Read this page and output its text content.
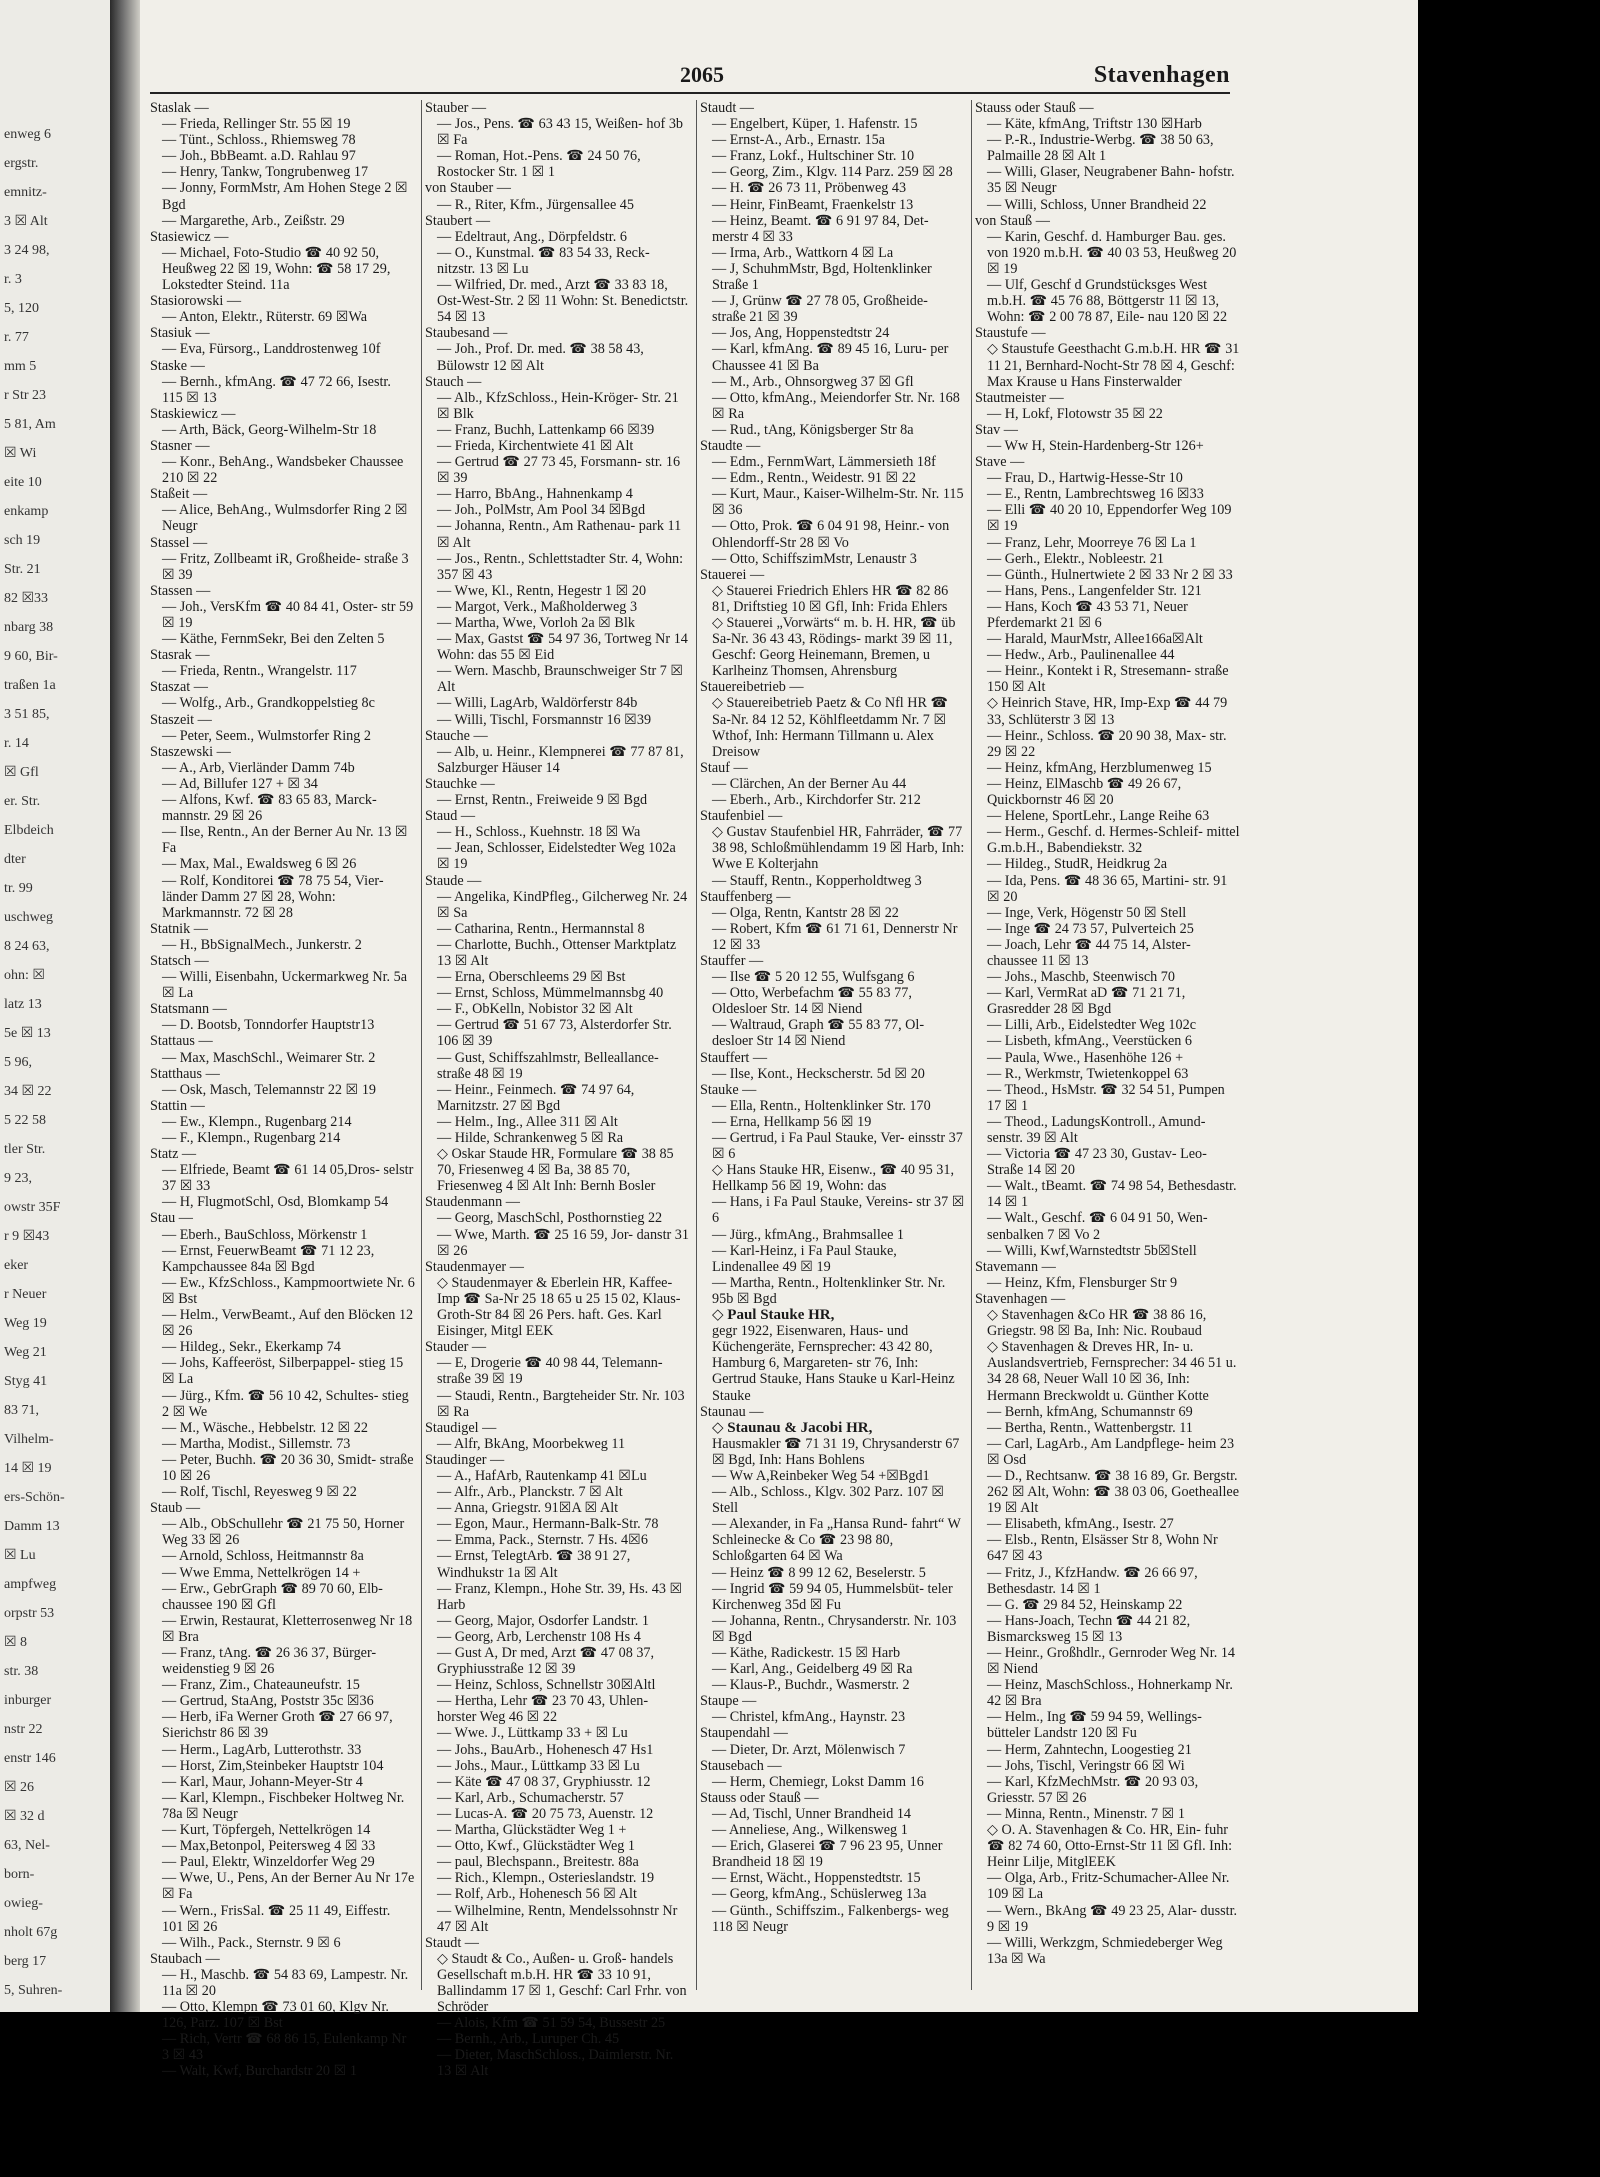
enweg 6
ergstr.
emnitz-
3 ☒ Alt
3 24 98,
r. 3
5, 120
r. 77
mm 5
r Str 23
5 81, Am
☒ Wi
eite 10
enkamp
sch 19
Str. 21
82 ☒33
nbarg 38
9 60, Bir-
traßen 1a
3 51 85,
r. 14
☒ Gfl
er. Str.
Elbdeich
dter
tr. 99
uschweg
8 24 63,
ohn: ☒
latz 13
5e ☒ 13
5 96,
34 ☒ 22
5 22 58
tler Str.
9 23,
owstr 35F
r 9 ☒43
eker
r Neuer
Weg 19
Weg 21
Styg 41
83 71,
Vilhelm-
14 ☒ 19
ers-Schön-
Damm 13
☒ Lu
ampfweg
orpstr 53
☒ 8
str. 38
inburger
nstr 22
enstr 146
☒ 26
☒ 32 d
63, Nel-
born-
owieg-
nholt 67g
berg 17
5, Suhren-
2065	Stavenhagen

Staslak —

— Frieda, Rellinger Str. 55 ☒ 19

— Tünt., Schloss., Rhiemsweg 78

— Joh., BbBeamt. a.D. Rahlau 97

— Henry, Tankw, Tongrubenweg 17

— Jonny, FormMstr, Am Hohen Stege 2 ☒ Bgd

— Margarethe, Arb., Zeißstr. 29

Stasiewicz —

— Michael, Foto-Studio ☎ 40 92 50, Heußweg 22 ☒ 19, Wohn: ☎ 58 17 29, Lokstedter Steind. 11a

Stasiorowski —

— Anton, Elektr., Rüterstr. 69 ☒Wa

Stasiuk —

— Eva, Fürsorg., Landdrostenweg 10f

Staske —

— Bernh., kfmAng. ☎ 47 72 66, Isestr. 115 ☒ 13

Staskiewicz —

— Arth, Bäck, Georg-Wilhelm-Str 18

Stasner —

— Konr., BehAng., Wandsbeker Chaussee 210 ☒ 22

Staßeit —

— Alice, BehAng., Wulmsdorfer Ring 2 ☒ Neugr

Stassel —

— Fritz, Zollbeamt iR, Großheide- straße 3 ☒ 39

Stassen —

— Joh., VersKfm ☎ 40 84 41, Oster- str 59 ☒ 19

— Käthe, FernmSekr, Bei den Zelten 5

Stasrak —

— Frieda, Rentn., Wrangelstr. 117

Staszat —

— Wolfg., Arb., Grandkoppelstieg 8c

Staszeit —

— Peter, Seem., Wulmstorfer Ring 2

Staszewski —

— A., Arb, Vierländer Damm 74b

— Ad, Billufer 127 + ☒ 34

— Alfons, Kwf. ☎ 83 65 83, Marck- mannstr. 29 ☒ 26

— Ilse, Rentn., An der Berner Au Nr. 13 ☒ Fa

— Max, Mal., Ewaldsweg 6 ☒ 26

— Rolf, Konditorei ☎ 78 75 54, Vier- länder Damm 27 ☒ 28, Wohn: Markmannstr. 72 ☒ 28

Statnik —

— H., BbSignalMech., Junkerstr. 2

Statsch —

— Willi, Eisenbahn, Uckermarkweg Nr. 5a ☒ La

Statsmann —

— D. Bootsb, Tonndorfer Hauptstr13

Stattaus —

— Max, MaschSchl., Weimarer Str. 2

Statthaus —

— Osk, Masch, Telemannstr 22 ☒ 19

Stattin —

— Ew., Klempn., Rugenbarg 214

— F., Klempn., Rugenbarg 214

Statz —

— Elfriede, Beamt ☎ 61 14 05,Dros- selstr 37 ☒ 33

— H, FlugmotSchl, Osd, Blomkamp 54

Stau —

— Eberh., BauSchloss, Mörkenstr 1

— Ernst, FeuerwBeamt ☎ 71 12 23, Kampchaussee 84a ☒ Bgd

— Ew., KfzSchloss., Kampmoortwiete Nr. 6 ☒ Bst

— Helm., VerwBeamt., Auf den Blöcken 12 ☒ 26

— Hildeg., Sekr., Ekerkamp 74

— Johs, Kaffeeröst, Silberpappel- stieg 15 ☒ La

— Jürg., Kfm. ☎ 56 10 42, Schultes- stieg 2 ☒ We

— M., Wäsche., Hebbelstr. 12 ☒ 22

— Martha, Modist., Sillemstr. 73

— Peter, Buchh. ☎ 20 36 30, Smidt- straße 10 ☒ 26

— Rolf, Tischl, Reyesweg 9 ☒ 22

Staub —

— Alb., ObSchullehr ☎ 21 75 50, Horner Weg 33 ☒ 26

— Arnold, Schloss, Heitmannstr 8a

— Wwe Emma, Nettelkrögen 14 +

— Erw., GebrGraph ☎ 89 70 60, Elb- chaussee 190 ☒ Gfl

— Erwin, Restaurat, Kletterrosenweg Nr 18 ☒ Bra

— Franz, tAng. ☎ 26 36 37, Bürger- weidenstieg 9 ☒ 26

— Franz, Zim., Chateauneufstr. 15

— Gertrud, StaAng, Poststr 35c ☒36

— Herb, iFa Werner Groth ☎ 27 66 97, Sierichstr 86 ☒ 39

— Herm., LagArb, Lutterothstr. 33

— Horst, Zim,Steinbeker Hauptstr 104

— Karl, Maur, Johann-Meyer-Str 4

— Karl, Klempn., Fischbeker Holtweg Nr. 78a ☒ Neugr

— Kurt, Töpfergeh, Nettelkrögen 14

— Max,Betonpol, Peitersweg 4 ☒ 33

— Paul, Elektr, Winzeldorfer Weg 29

— Wwe, U., Pens, An der Berner Au Nr 17e ☒ Fa

— Wern., FrisSal. ☎ 25 11 49, Eiffestr. 101 ☒ 26

— Wilh., Pack., Sternstr. 9 ☒ 6

Staubach —

— H., Maschb. ☎ 54 83 69, Lampestr. Nr. 11a ☒ 20

— Otto, Klempn ☎ 73 01 60, Klgv Nr. 126, Parz. 107 ☒ Bst

— Rich, Vertr ☎ 68 86 15, Eulenkamp Nr 3 ☒ 43

— Walt, Kwf, Burchardstr 20 ☒ 1

Stauber —

— Jos., Pens. ☎ 63 43 15, Weißen- hof 3b ☒ Fa

— Roman, Hot.-Pens. ☎ 24 50 76, Rostocker Str. 1 ☒ 1

von Stauber —

— R., Riter, Kfm., Jürgensallee 45

Staubert —

— Edeltraut, Ang., Dörpfeldstr. 6

— O., Kunstmal. ☎ 83 54 33, Reck- nitzstr. 13 ☒ Lu

— Wilfried, Dr. med., Arzt ☎ 33 83 18, Ost-West-Str. 2 ☒ 11 Wohn: St. Benedictstr. 54 ☒ 13

Staubesand —

— Joh., Prof. Dr. med. ☎ 38 58 43, Bülowstr 12 ☒ Alt

Stauch —

— Alb., KfzSchloss., Hein-Kröger- Str. 21 ☒ Blk

— Franz, Buchh, Lattenkamp 66 ☒39

— Frieda, Kirchentwiete 41 ☒ Alt

— Gertrud ☎ 27 73 45, Forsmann- str. 16 ☒ 39

— Harro, BbAng., Hahnenkamp 4

— Joh., PolMstr, Am Pool 34 ☒Bgd

— Johanna, Rentn., Am Rathenau- park 11 ☒ Alt

— Jos., Rentn., Schlettstadter Str. 4, Wohn: 357 ☒ 43

— Wwe, Kl., Rentn, Hegestr 1 ☒ 20

— Margot, Verk., Maßholderweg 3

— Martha, Wwe, Vorloh 2a ☒ Blk

— Max, Gastst ☎ 54 97 36, Tortweg Nr 14 Wohn: das 55 ☒ Eid

— Wern. Maschb, Braunschweiger Str 7 ☒ Alt

— Willi, LagArb, Waldörferstr 84b

— Willi, Tischl, Forsmannstr 16 ☒39

Stauche —

— Alb, u. Heinr., Klempnerei ☎ 77 87 81, Salzburger Häuser 14

Stauchke —

— Ernst, Rentn., Freiweide 9 ☒ Bgd

Staud —

— H., Schloss., Kuehnstr. 18 ☒ Wa

— Jean, Schlosser, Eidelstedter Weg 102a ☒ 19

Staude —

— Angelika, KindPfleg., Gilcherweg Nr. 24 ☒ Sa

— Catharina, Rentn., Hermannstal 8

— Charlotte, Buchh., Ottenser Marktplatz 13 ☒ Alt

— Erna, Oberschleems 29 ☒ Bst

— Ernst, Schloss, Mümmelmannsbg 40

— F., ObKelln, Nobistor 32 ☒ Alt

— Gertrud ☎ 51 67 73, Alsterdorfer Str. 106 ☒ 39

— Gust, Schiffszahlmstr, Belleallance- straße 48 ☒ 19

— Heinr., Feinmech. ☎ 74 97 64, Marnitzstr. 27 ☒ Bgd

— Helm., Ing., Allee 311 ☒ Alt

— Hilde, Schrankenweg 5 ☒ Ra

◇ Oskar Staude HR, Formulare ☎ 38 85 70, Friesenweg 4 ☒ Ba, 38 85 70, Friesenweg 4 ☒ Alt Inh: Bernh Bosler

Staudenmann —

— Georg, MaschSchl, Posthornstieg 22

— Wwe, Marth. ☎ 25 16 59, Jor- danstr 31 ☒ 26

Staudenmayer —

◇ Staudenmayer & Eberlein HR, Kaffee-Imp ☎ Sa-Nr 25 18 65 u 25 15 02, Klaus-Groth-Str 84 ☒ 26 Pers. haft. Ges. Karl Eisinger, Mitgl EEK

Stauder —

— E, Drogerie ☎ 40 98 44, Telemann- straße 39 ☒ 19

— Staudi, Rentn., Bargteheider Str. Nr. 103 ☒ Ra

Staudigel —

— Alfr, BkAng, Moorbekweg 11

Staudinger —

— A., HafArb, Rautenkamp 41 ☒Lu

— Alfr., Arb., Planckstr. 7 ☒ Alt

— Anna, Griegstr. 91☒A ☒ Alt

— Egon, Maur., Hermann-Balk-Str. 78

— Emma, Pack., Sternstr. 7 Hs. 4☒6

— Ernst, TelegtArb. ☎ 38 91 27, Windhukstr 1a ☒ Alt

— Franz, Klempn., Hohe Str. 39, Hs. 43 ☒ Harb

— Georg, Major, Osdorfer Landstr. 1

— Georg, Arb, Lerchenstr 108 Hs 4

— Gust A, Dr med, Arzt ☎ 47 08 37, Gryphiusstraße 12 ☒ 39

— Heinz, Schloss, Schnellstr 30☒Altl

— Hertha, Lehr ☎ 23 70 43, Uhlen- horster Weg 46 ☒ 22

— Wwe. J., Lüttkamp 33 + ☒ Lu

— Johs., BauArb., Hohenesch 47 Hs1

— Johs., Maur., Lüttkamp 33 ☒ Lu

— Käte ☎ 47 08 37, Gryphiusstr. 12

— Karl, Arb., Schumacherstr. 57

— Lucas-A. ☎ 20 75 73, Auenstr. 12

— Martha, Glückstädter Weg 1 +

— Otto, Kwf., Glückstädter Weg 1

— paul, Blechspann., Breitestr. 88a

— Rich., Klempn., Osterieslandstr. 19

— Rolf, Arb., Hohenesch 56 ☒ Alt

— Wilhelmine, Rentn, Mendelssohnstr Nr 47 ☒ Alt

Staudt —

◇ Staudt & Co., Außen- u. Groß- handels Gesellschaft m.b.H. HR ☎ 33 10 91, Ballindamm 17 ☒ 1, Geschf: Carl Frhr. von Schröder

— Alois, Kfm ☎ 51 59 54, Bussestr 25

— Bernh., Arb., Luruper Ch. 45

— Dieter, MaschSchloss., Daimlerstr. Nr. 13 ☒ Alt

Staudt —

— Engelbert, Küper, 1. Hafenstr. 15

— Ernst-A., Arb., Ernastr. 15a

— Franz, Lokf., Hultschiner Str. 10

— Georg, Zim., Klgv. 114 Parz. 259 ☒ 28

— H. ☎ 26 73 11, Pröbenweg 43

— Heinr, FinBeamt, Fraenkelstr 13

— Heinz, Beamt. ☎ 6 91 97 84, Det- merstr 4 ☒ 33

— Irma, Arb., Wattkorn 4 ☒ La

— J, SchuhmMstr, Bgd, Holtenklinker Straße 1

— J, Grünw ☎ 27 78 05, Großheide- straße 21 ☒ 39

— Jos, Ang, Hoppenstedtstr 24

— Karl, kfmAng. ☎ 89 45 16, Luru- per Chaussee 41 ☒ Ba

— M., Arb., Ohnsorgweg 37 ☒ Gfl

— Otto, kfmAng., Meiendorfer Str. Nr. 168 ☒ Ra

— Rud., tAng, Königsberger Str 8a

Staudte —

— Edm., FernmWart, Lämmersieth 18f

— Edm., Rentn., Weidestr. 91 ☒ 22

— Kurt, Maur., Kaiser-Wilhelm-Str. Nr. 115 ☒ 36

— Otto, Prok. ☎ 6 04 91 98, Heinr.- von Ohlendorff-Str 28 ☒ Vo

— Otto, SchiffszimMstr, Lenaustr 3

Stauerei —

◇ Stauerei Friedrich Ehlers HR ☎ 82 86 81, Driftstieg 10 ☒ Gfl, Inh: Frida Ehlers

◇ Stauerei „Vorwärts“ m. b. H. HR, ☎ üb Sa-Nr. 36 43 43, Rödings- markt 39 ☒ 11, Geschf: Georg Heinemann, Bremen, u Karlheinz Thomsen, Ahrensburg

Stauereibetrieb —

◇ Stauereibetrieb Paetz & Co Nfl HR ☎ Sa-Nr. 84 12 52, Köhlfleetdamm Nr. 7 ☒ Wthof, Inh: Hermann Tillmann u. Alex Dreisow

Stauf —

— Clärchen, An der Berner Au 44

— Eberh., Arb., Kirchdorfer Str. 212

Staufenbiel —

◇ Gustav Staufenbiel HR, Fahrräder, ☎ 77 38 98, Schloßmühlendamm 19 ☒ Harb, Inh: Wwe E Kolterjahn

— Stauff, Rentn., Kopperholdtweg 3

Stauffenberg —

— Olga, Rentn, Kantstr 28 ☒ 22

— Robert, Kfm ☎ 61 71 61, Dennerstr Nr 12 ☒ 33

Stauffer —

— Ilse ☎ 5 20 12 55, Wulfsgang 6

— Otto, Werbefachm ☎ 55 83 77, Oldesloer Str. 14 ☒ Niend

— Waltraud, Graph ☎ 55 83 77, Ol- desloer Str 14 ☒ Niend

Stauffert —

— Ilse, Kont., Heckscherstr. 5d ☒ 20

Stauke —

— Ella, Rentn., Holtenklinker Str. 170

— Erna, Hellkamp 56 ☒ 19

— Gertrud, i Fa Paul Stauke, Ver- einsstr 37 ☒ 6

◇ Hans Stauke HR, Eisenw., ☎ 40 95 31, Hellkamp 56 ☒ 19, Wohn: das

— Hans, i Fa Paul Stauke, Vereins- str 37 ☒ 6

— Jürg., kfmAng., Brahmsallee 1

— Karl-Heinz, i Fa Paul Stauke, Lindenallee 49 ☒ 19

— Martha, Rentn., Holtenklinker Str. Nr. 95b ☒ Bgd

◇ Paul Stauke HR,

gegr 1922, Eisenwaren, Haus- und Küchengeräte, Fernsprecher: 43 42 80, Hamburg 6, Margareten- str 76, Inh: Gertrud Stauke, Hans Stauke u Karl-Heinz Stauke

Staunau —

◇ Staunau & Jacobi HR,

Hausmakler ☎ 71 31 19, Chrysanderstr 67 ☒ Bgd, Inh: Hans Bohlens

— Ww A,Reinbeker Weg 54 +☒Bgd1

— Alb., Schloss., Klgv. 302 Parz. 107 ☒ Stell

— Alexander, in Fa „Hansa Rund- fahrt“ W Schleinecke & Co ☎ 23 98 80, Schloßgarten 64 ☒ Wa

— Heinz ☎ 8 99 12 62, Beselerstr. 5

— Ingrid ☎ 59 94 05, Hummelsbüt- teler Kirchenweg 35d ☒ Fu

— Johanna, Rentn., Chrysanderstr. Nr. 103 ☒ Bgd

— Käthe, Radickestr. 15 ☒ Harb

— Karl, Ang., Geidelberg 49 ☒ Ra

— Klaus-P., Buchdr., Wasmerstr. 2

Staupe —

— Christel, kfmAng., Haynstr. 23

Staupendahl —

— Dieter, Dr. Arzt, Mölenwisch 7

Stausebach —

— Herm, Chemiegr, Lokst Damm 16

Stauss oder Stauß —

— Ad, Tischl, Unner Brandheid 14

— Anneliese, Ang., Wilkensweg 1

— Erich, Glaserei ☎ 7 96 23 95, Unner Brandheid 18 ☒ 19

— Ernst, Wächt., Hoppenstedtstr. 15

— Georg, kfmAng., Schüslerweg 13a

— Günth., Schiffszim., Falkenbergs- weg 118 ☒ Neugr

Stauss oder Stauß —

— Käte, kfmAng, Triftstr 130 ☒Harb

— P.-R., Industrie-Werbg. ☎ 38 50 63, Palmaille 28 ☒ Alt 1

— Willi, Glaser, Neugrabener Bahn- hofstr. 35 ☒ Neugr

— Willi, Schloss, Unner Brandheid 22

von Stauß —

— Karin, Geschf. d. Hamburger Bau. ges. von 1920 m.b.H. ☎ 40 03 53, Heußweg 20 ☒ 19

— Ulf, Geschf d Grundstücksges West m.b.H. ☎ 45 76 88, Böttgerstr 11 ☒ 13, Wohn: ☎ 2 00 78 87, Eile- nau 120 ☒ 22

Staustufe —

◇ Staustufe Geesthacht G.m.b.H. HR ☎ 31 11 21, Bernhard-Nocht-Str 78 ☒ 4, Geschf: Max Krause u Hans Finsterwalder

Stautmeister —

— H, Lokf, Flotowstr 35 ☒ 22

Stav —

— Ww H, Stein-Hardenberg-Str 126+

Stave —

— Frau, D., Hartwig-Hesse-Str 10

— E., Rentn, Lambrechtsweg 16 ☒33

— Elli ☎ 40 20 10, Eppendorfer Weg 109 ☒ 19

— Franz, Lehr, Moorreye 76 ☒ La 1

— Gerh., Elektr., Nobleestr. 21

— Günth., Hulnertwiete 2 ☒ 33 Nr 2 ☒ 33

— Hans, Pens., Langenfelder Str. 121

— Hans, Koch ☎ 43 53 71, Neuer Pferdemarkt 21 ☒ 6

— Harald, MaurMstr, Allee166a☒Alt

— Hedw., Arb., Paulinenallee 44

— Heinr., Kontekt i R, Stresemann- straße 150 ☒ Alt

◇ Heinrich Stave, HR, Imp-Exp ☎ 44 79 33, Schlüterstr 3 ☒ 13

— Heinr., Schloss. ☎ 20 90 38, Max- str. 29 ☒ 22

— Heinz, kfmAng, Herzblumenweg 15

— Heinz, ElMaschb ☎ 49 26 67, Quickbornstr 46 ☒ 20

— Helene, SportLehr., Lange Reihe 63

— Herm., Geschf. d. Hermes-Schleif- mittel G.m.b.H., Babendiekstr. 32

— Hildeg., StudR, Heidkrug 2a

— Ida, Pens. ☎ 48 36 65, Martini- str. 91 ☒ 20

— Inge, Verk, Högenstr 50 ☒ Stell

— Inge ☎ 24 73 57, Pulverteich 25

— Joach, Lehr ☎ 44 75 14, Alster- chaussee 11 ☒ 13

— Johs., Maschb, Steenwisch 70

— Karl, VermRat aD ☎ 71 21 71, Grasredder 28 ☒ Bgd

— Lilli, Arb., Eidelstedter Weg 102c

— Lisbeth, kfmAng., Veerstücken 6

— Paula, Wwe., Hasenhöhe 126 +

— R., Werkmstr, Twietenkoppel 63

— Theod., HsMstr. ☎ 32 54 51, Pumpen 17 ☒ 1

— Theod., LadungsKontroll., Amund- senstr. 39 ☒ Alt

— Victoria ☎ 47 23 30, Gustav- Leo-Straße 14 ☒ 20

— Walt., tBeamt. ☎ 74 98 54, Bethesdastr. 14 ☒ 1

— Walt., Geschf. ☎ 6 04 91 50, Wen- senbalken 7 ☒ Vo 2

— Willi, Kwf,Warnstedtstr 5b☒Stell

Stavemann —

— Heinz, Kfm, Flensburger Str 9

Stavenhagen —

◇ Stavenhagen &Co HR ☎ 38 86 16, Griegstr. 98 ☒ Ba, Inh: Nic. Roubaud

◇ Stavenhagen & Dreves HR, In- u. Auslandsvertrieb, Fernsprecher: 34 46 51 u. 34 28 68, Neuer Wall 10 ☒ 36, Inh: Hermann Breckwoldt u. Günther Kotte

— Bernh, kfmAng, Schumannstr 69

— Bertha, Rentn., Wattenbergstr. 11

— Carl, LagArb., Am Landpflege- heim 23 ☒ Osd

— D., Rechtsanw. ☎ 38 16 89, Gr. Bergstr. 262 ☒ Alt, Wohn: ☎ 38 03 06, Goetheallee 19 ☒ Alt

— Elisabeth, kfmAng., Isestr. 27

— Elsb., Rentn, Elsässer Str 8, Wohn Nr 647 ☒ 43

— Fritz, J., KfzHandw. ☎ 26 66 97, Bethesdastr. 14 ☒ 1

— G. ☎ 29 84 52, Heinskamp 22

— Hans-Joach, Techn ☎ 44 21 82, Bismarcksweg 15 ☒ 13

— Heinr., Großhdlr., Gernroder Weg Nr. 14 ☒ Niend

— Heinz, MaschSchloss., Hohnerkamp Nr. 42 ☒ Bra

— Helm., Ing ☎ 59 94 59, Wellings- bütteler Landstr 120 ☒ Fu

— Herm, Zahntechn, Loogestieg 21

— Johs, Tischl, Veringstr 66 ☒ Wi

— Karl, KfzMechMstr. ☎ 20 93 03, Griesstr. 57 ☒ 26

— Minna, Rentn., Minenstr. 7 ☒ 1

◇ O. A. Stavenhagen & Co. HR, Ein- fuhr ☎ 82 74 60, Otto-Ernst-Str 11 ☒ Gfl. Inh: Heinr Lilje, MitglEEK

— Olga, Arb., Fritz-Schumacher-Allee Nr. 109 ☒ La

— Wern., BkAng ☎ 49 23 25, Alar- dusstr. 9 ☒ 19

— Willi, Werkzgm, Schmiedeberger Weg 13a ☒ Wa
